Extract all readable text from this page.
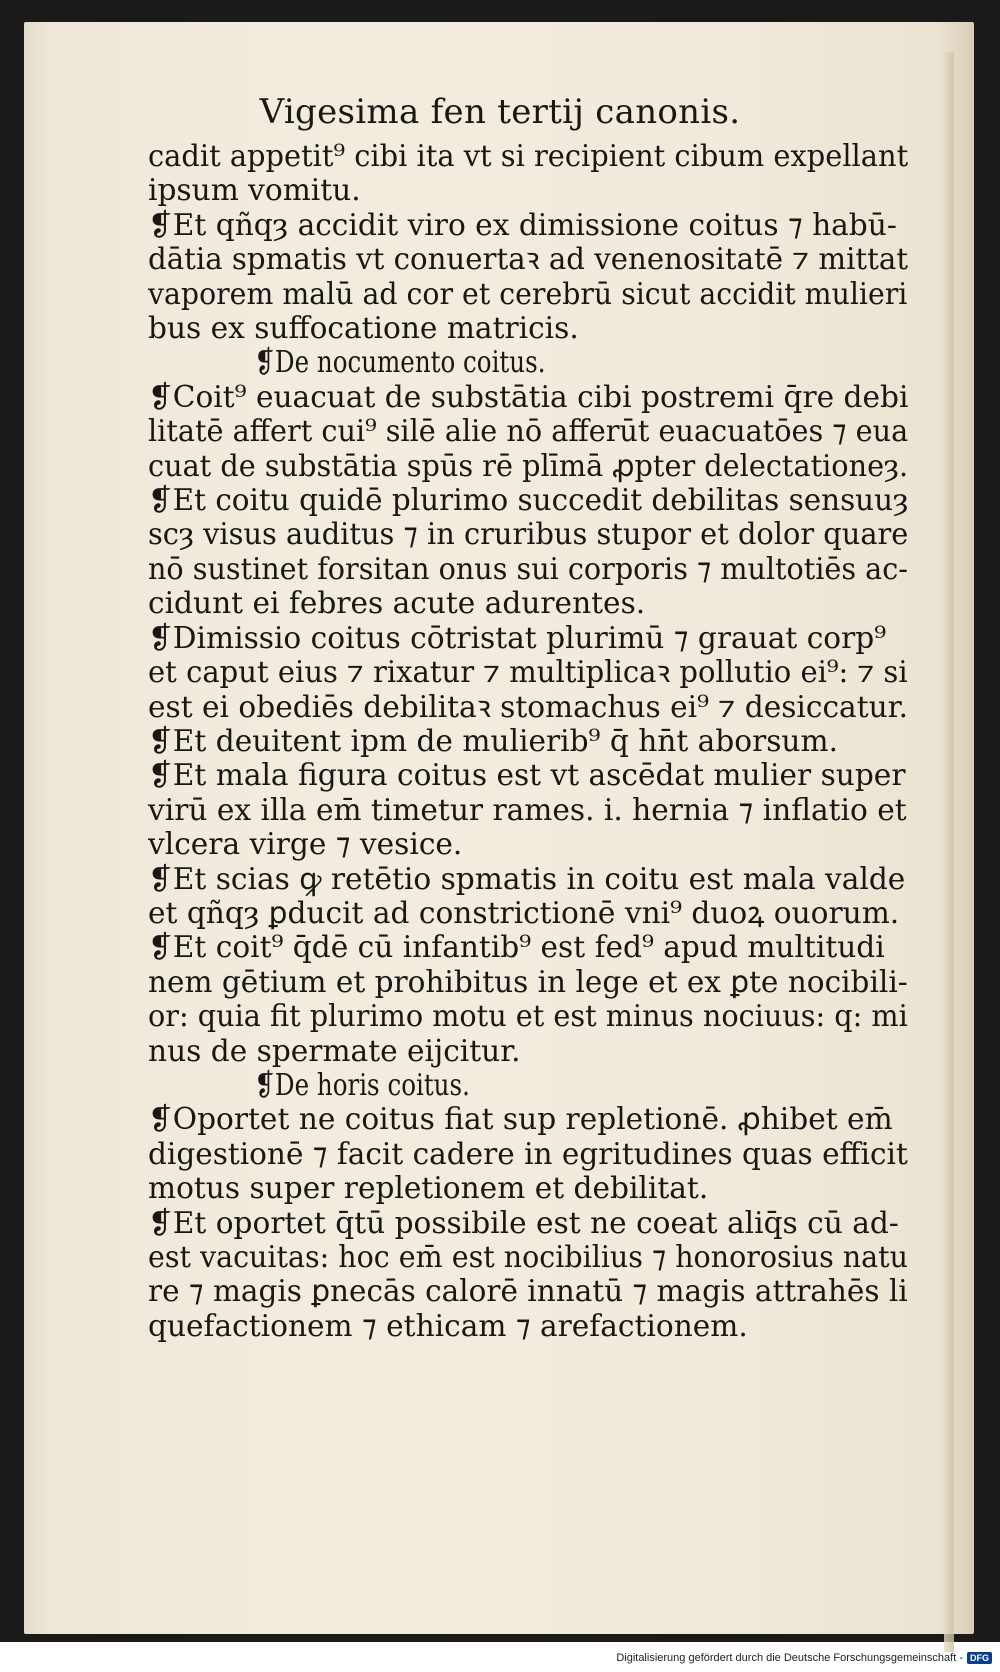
Vigesima fen tertij canonis.
cadit appetit⁹ cibi ita vt si recipient cibum expellant
ipsum vomitu.
❡Et qñqȝ accidit viro ex dimissione coitus ⁊ habū-
dātia spmatis vt conuertaꝛ ad venenositatē ⁊ mittat
vaporem malū ad cor et cerebrū sicut accidit mulieri
bus ex suffocatione matricis.
❡De nocumento coitus.
❡Coit⁹ euacuat de substātia cibi postremi q̄re debi
litatē affert cui⁹ silē alie nō afferūt euacuatōes ⁊ eua
cuat de substātia spūs rē plīmā ꝓpter delectationeȝ.
❡Et coitu quidē plurimo succedit debilitas sensuuȝ
scȝ visus auditus ⁊ in cruribus stupor et dolor quare
nō sustinet forsitan onus sui corporis ⁊ multotiēs ac-
cidunt ei febres acute adurentes.
❡Dimissio coitus cōtristat plurimū ⁊ grauat corp⁹
et caput eius ⁊ rixatur ⁊ multiplicaꝛ pollutio ei⁹: ⁊ si
est ei obediēs debilitaꝛ stomachus ei⁹ ⁊ desiccatur.
❡Et deuitent ipm de mulierib⁹ q̄ hn̄t aborsum.
❡Et mala figura coitus est vt ascēdat mulier super
virū ex illa em̄ timetur rames. i. hernia ⁊ inflatio et
vlcera virge ⁊ vesice.
❡Et scias ꝙ retētio spmatis in coitu est mala valde
et qñqȝ ꝑducit ad constrictionē vni⁹ duoꝝ ouorum.
❡Et coit⁹ q̄dē cū infantib⁹ est fed⁹ apud multitudi
nem gētium et prohibitus in lege et ex ꝑte nocibili-
or: quia fit plurimo motu et est minus nociuus: q: mi
nus de spermate eijcitur.
❡De horis coitus.
❡Oportet ne coitus fiat sup repletionē. ꝓhibet em̄
digestionē ⁊ facit cadere in egritudines quas efficit
motus super repletionem et debilitat.
❡Et oportet q̄tū possibile est ne coeat aliq̄s cū ad-
est vacuitas: hoc em̄ est nocibilius ⁊ honorosius natu
re ⁊ magis ꝑnecās calorē innatū ⁊ magis attrahēs li
quefactionem ⁊ ethicam ⁊ arefactionem.
Digitalisierung gefördert durch die Deutsche Forschungsgemeinschaft - DFG
